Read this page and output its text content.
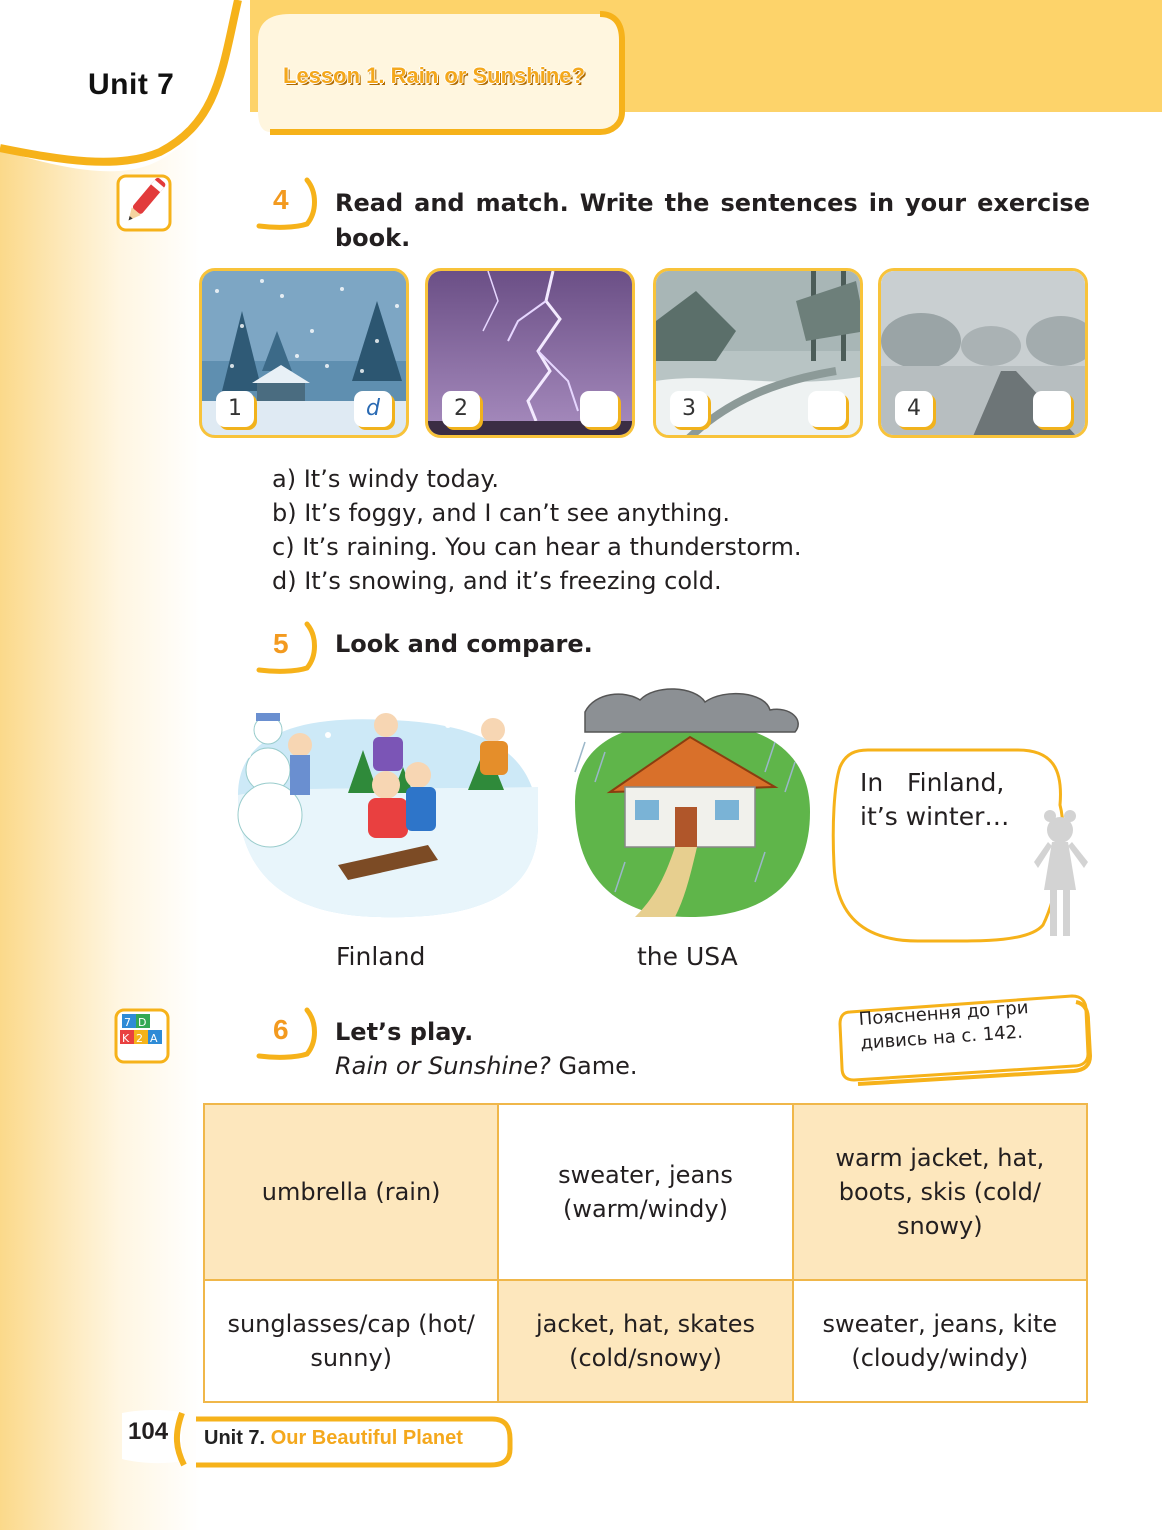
Unit 7	Lesson 1. Rain or Sunshine?
4 Read and match. Write the sentences in your exercise book.
1	d	2	3	4
a) It’s windy today.
b) It’s foggy, and I can’t see anything.
c) It’s raining. You can hear a thunderstorm.
d) It’s snowing, and it’s freezing cold.
5 Look and compare.
Finland	the USA
In   Finland,
it’s winter…
7 D
K 2 A	6 Let’s play.
Rain or Sunshine? Game.
Пояснення до гри
дивись на с. 142.
umbrella (rain)	sweater, jeans (warm/windy)	warm jacket, hat, boots, skis (cold/ snowy)
sunglasses/cap (hot/ sunny)	jacket, hat, skates (cold/snowy)	sweater, jeans, kite (cloudy/windy)
104 Unit 7. Our Beautiful Planet
